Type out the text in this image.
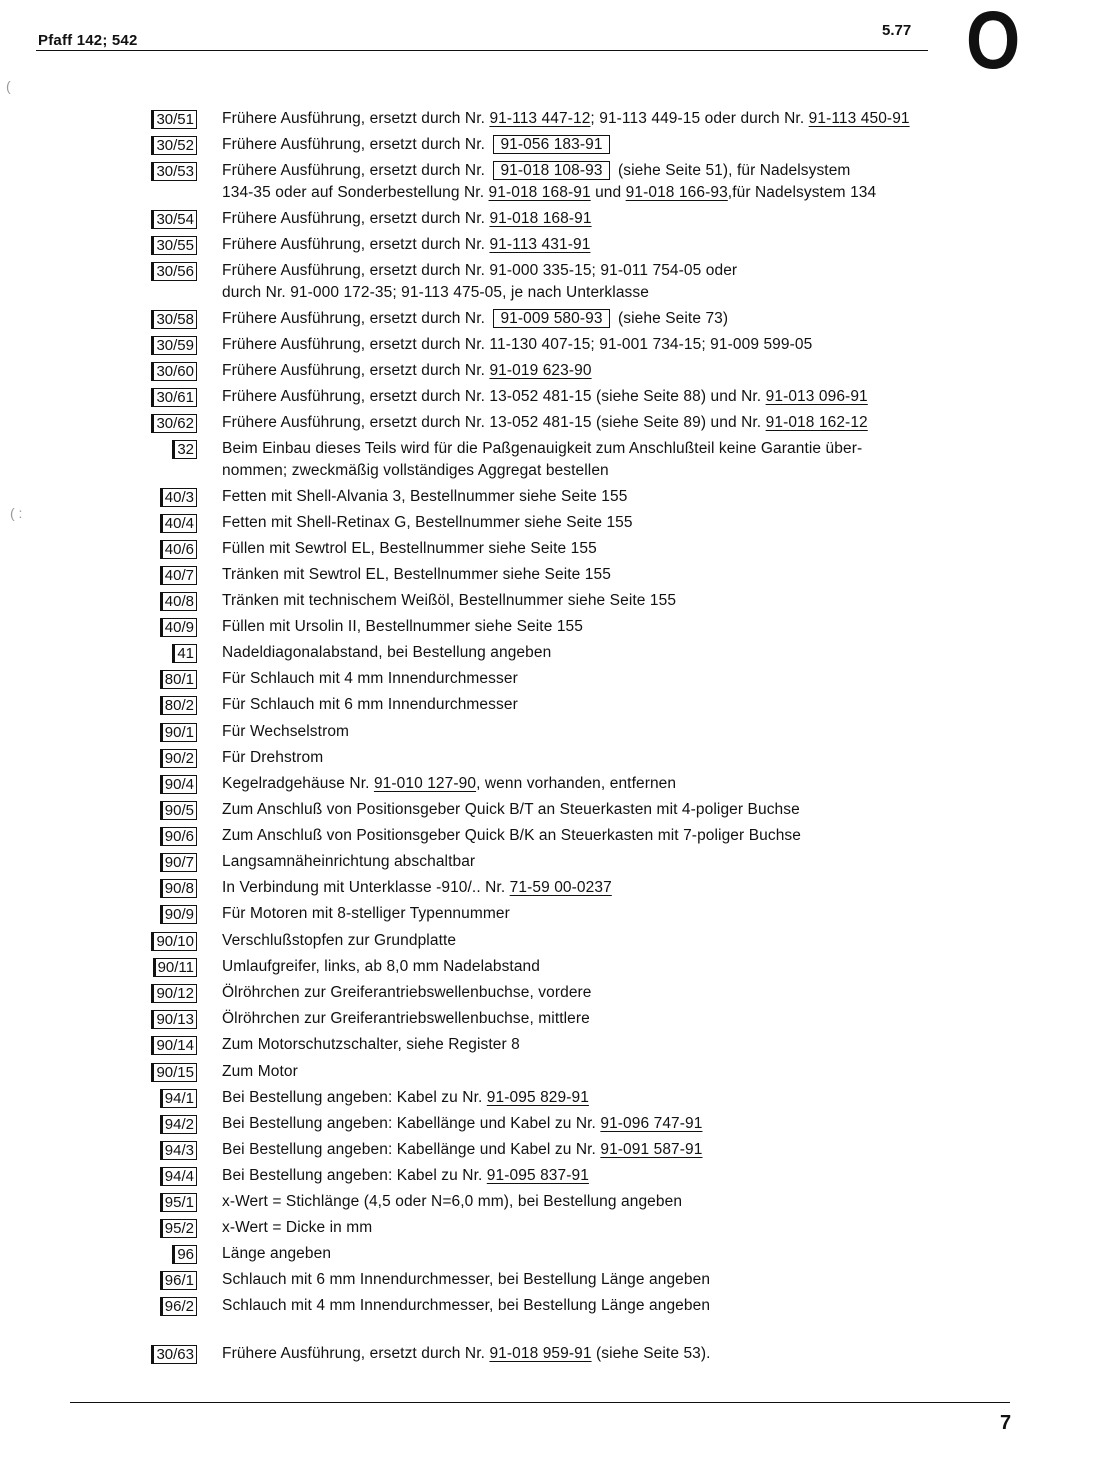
Pfaff 142; 542
5.77 O
(
( :
30/51 Frühere Ausführung, ersetzt durch Nr. 91-113 447-12; 91-113 449-15 oder durch Nr. 91-113 450-91
30/52 Frühere Ausführung, ersetzt durch Nr. 91-056 183-91
30/53 Frühere Ausführung, ersetzt durch Nr. 91-018 108-93 (siehe Seite 51), für Nadelsystem
134-35 oder auf Sonderbestellung Nr. 91-018 168-91 und 91-018 166-93,für Nadelsystem 134
30/54 Frühere Ausführung, ersetzt durch Nr. 91-018 168-91
30/55 Frühere Ausführung, ersetzt durch Nr. 91-113 431-91
30/56 Frühere Ausführung, ersetzt durch Nr. 91-000 335-15; 91-011 754-05 oder
durch Nr. 91-000 172-35; 91-113 475-05, je nach Unterklasse
30/58 Frühere Ausführung, ersetzt durch Nr. 91-009 580-93 (siehe Seite 73)
30/59 Frühere Ausführung, ersetzt durch Nr. 11-130 407-15; 91-001 734-15; 91-009 599-05
30/60 Frühere Ausführung, ersetzt durch Nr. 91-019 623-90
30/61 Frühere Ausführung, ersetzt durch Nr. 13-052 481-15 (siehe Seite 88) und Nr. 91-013 096-91
30/62 Frühere Ausführung, ersetzt durch Nr. 13-052 481-15 (siehe Seite 89) und Nr. 91-018 162-12
32 Beim Einbau dieses Teils wird für die Paßgenauigkeit zum Anschlußteil keine Garantie über-
nommen; zweckmäßig vollständiges Aggregat bestellen
40/3 Fetten mit Shell-Alvania 3, Bestellnummer siehe Seite 155
40/4 Fetten mit Shell-Retinax G, Bestellnummer siehe Seite 155
40/6 Füllen mit Sewtrol EL, Bestellnummer siehe Seite 155
40/7 Tränken mit Sewtrol EL, Bestellnummer siehe Seite 155
40/8 Tränken mit technischem Weißöl, Bestellnummer siehe Seite 155
40/9 Füllen mit Ursolin II, Bestellnummer siehe Seite 155
41 Nadeldiagonalabstand, bei Bestellung angeben
80/1 Für Schlauch mit 4 mm Innendurchmesser
80/2 Für Schlauch mit 6 mm Innendurchmesser
90/1 Für Wechselstrom
90/2 Für Drehstrom
90/4 Kegelradgehäuse Nr. 91-010 127-90, wenn vorhanden, entfernen
90/5 Zum Anschluß von Positionsgeber Quick B/T an Steuerkasten mit 4-poliger Buchse
90/6 Zum Anschluß von Positionsgeber Quick B/K an Steuerkasten mit 7-poliger Buchse
90/7 Langsamnäheinrichtung abschaltbar
90/8 In Verbindung mit Unterklasse -910/.. Nr. 71-59 00-0237
90/9 Für Motoren mit 8-stelliger Typennummer
90/10 Verschlußstopfen zur Grundplatte
90/11 Umlaufgreifer, links, ab 8,0 mm Nadelabstand
90/12 Ölröhrchen zur Greiferantriebswellenbuchse, vordere
90/13 Ölröhrchen zur Greiferantriebswellenbuchse, mittlere
90/14 Zum Motorschutzschalter, siehe Register 8
90/15 Zum Motor
94/1 Bei Bestellung angeben: Kabel zu Nr. 91-095 829-91
94/2 Bei Bestellung angeben: Kabellänge und Kabel zu Nr. 91-096 747-91
94/3 Bei Bestellung angeben: Kabellänge und Kabel zu Nr. 91-091 587-91
94/4 Bei Bestellung angeben: Kabel zu Nr. 91-095 837-91
95/1 x-Wert = Stichlänge (4,5 oder N=6,0 mm), bei Bestellung angeben
95/2 x-Wert = Dicke in mm
96 Länge angeben
96/1 Schlauch mit 6 mm Innendurchmesser, bei Bestellung Länge angeben
96/2 Schlauch mit 4 mm Innendurchmesser, bei Bestellung Länge angeben
30/63 Frühere Ausführung, ersetzt durch Nr. 91-018 959-91 (siehe Seite 53).
7
